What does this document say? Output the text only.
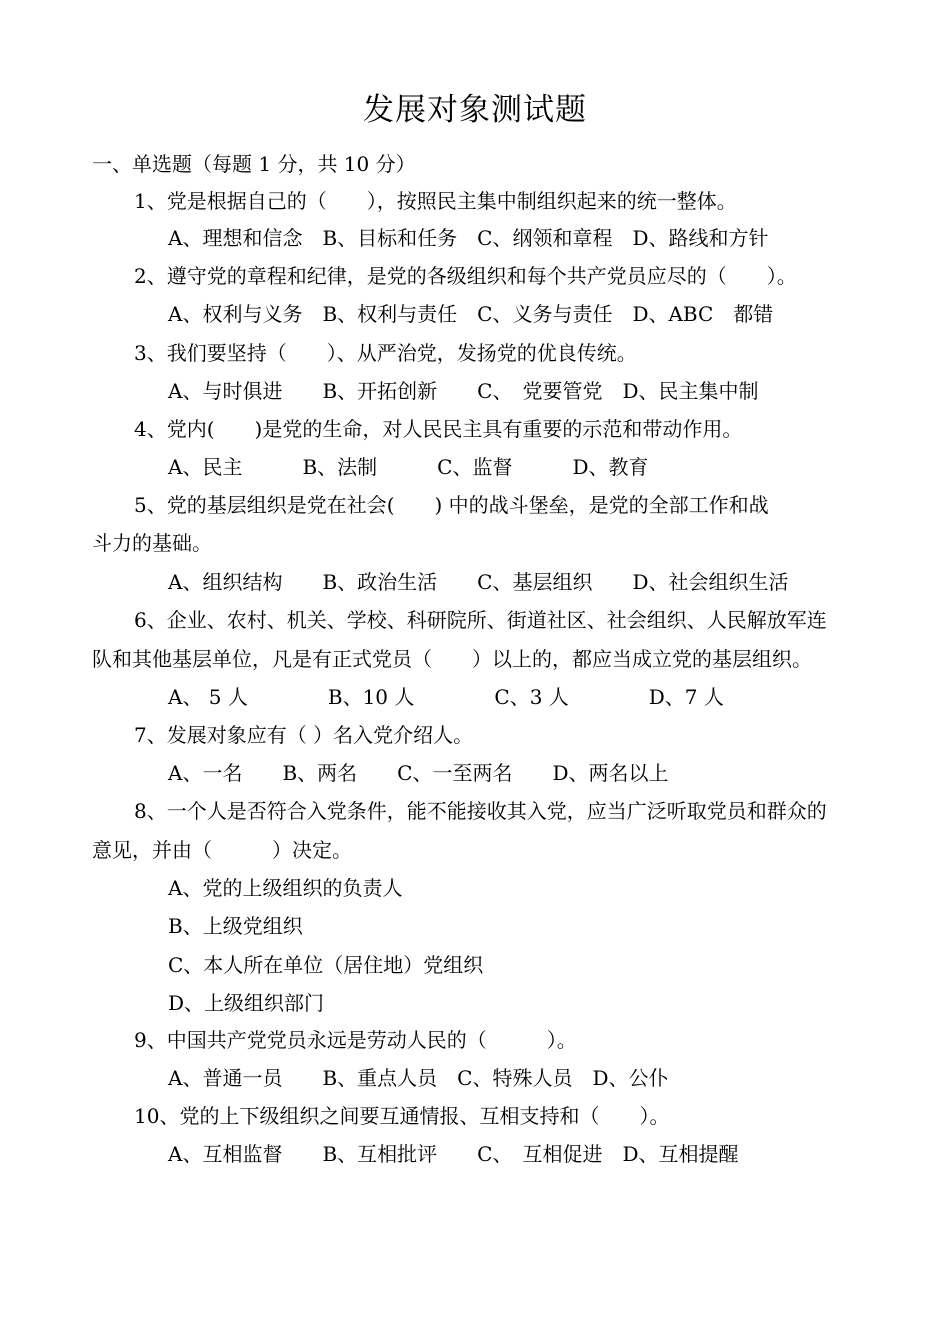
发展对象测试题
一、单选题（每题 1 分，共 10 分）
1、党是根据自己的（　　），按照民主集中制组织起来的统一整体。
A、理想和信念　B、目标和任务　C、纲领和章程　D、路线和方针
2、遵守党的章程和纪律，是党的各级组织和每个共产党员应尽的（　　）。
A、权利与义务　B、权利与责任　C、义务与责任　D、ABC　都错
3、我们要坚持（　　）、从严治党，发扬党的优良传统。
A、与时俱进　　B、开拓创新　　C、　党要管党　D、民主集中制
4、党内(　　)是党的生命，对人民民主具有重要的示范和带动作用。
A、民主　　　B、法制　　　C、监督　　　D、教育
5、党的基层组织是党在社会(　　) 中的战斗堡垒，是党的全部工作和战
斗力的基础。
A、组织结构　　B、政治生活　　C、基层组织　　D、社会组织生活
6、企业、农村、机关、学校、科研院所、街道社区、社会组织、人民解放军连
队和其他基层单位，凡是有正式党员（　　）以上的，都应当成立党的基层组织。
A、 5 人　　　　B、10 人　　　　C、3 人　　　　D、7 人
7、发展对象应有（ ）名入党介绍人。
A、一名　　B、两名　　C、一至两名　　D、两名以上
8、一个人是否符合入党条件，能不能接收其入党，应当广泛听取党员和群众的
意见，并由（　　　）决定。
A、党的上级组织的负责人
B、上级党组织
C、本人所在单位（居住地）党组织
D、上级组织部门
9、中国共产党党员永远是劳动人民的（　　　）。
A、普通一员　　B、重点人员　C、特殊人员　D、公仆
10、党的上下级组织之间要互通情报、互相支持和（　　）。
A、互相监督　　B、互相批评　　C、　互相促进　D、互相提醒
